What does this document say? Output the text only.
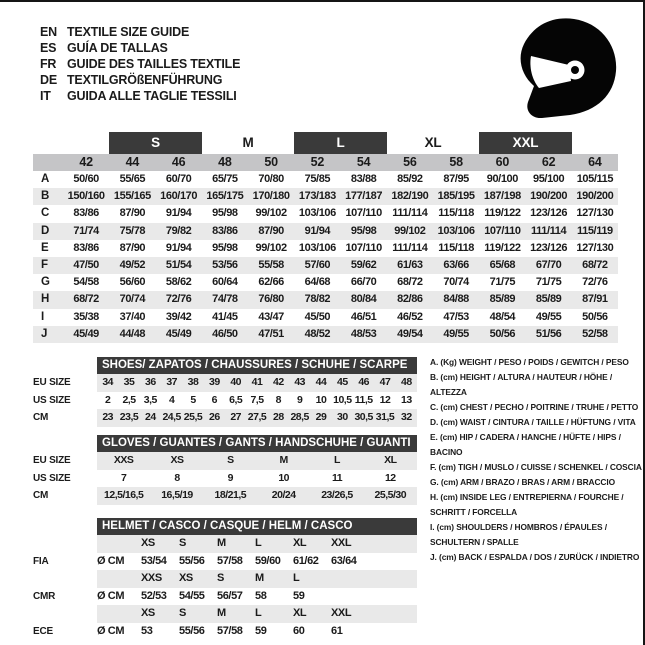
EN TEXTILE SIZE GUIDE
ES GUÍA DE TALLAS
FR GUIDE DES TAILLES TEXTILE
DE TEXTILGRÖßENFÜHRUNG
IT	GUIDA ALLE TAGLIE TESSILI
S	M	L	XL	XXL
42	44	46	48	50	52	54	56	58	60	62	64
A	50/60	55/65	60/70	65/75	70/80	75/85	83/88	85/92	87/95	90/100	95/100	105/115
B	150/160 155/165 160/170 165/175 170/180 173/183 177/187 182/190 185/195 187/198 190/200 190/200
C	83/86	87/90	91/94	95/98	99/102	103/106 107/110 111/114 115/118 119/122 123/126 127/130
D	71/74	75/78	79/82	83/86	87/90	91/94	95/98	99/102	103/106 107/110 111/114 115/119
E	83/86	87/90	91/94	95/98	99/102	103/106 107/110 111/114 115/118 119/122 123/126 127/130
F	47/50	49/52	51/54	53/56	55/58	57/60	59/62	61/63	63/66	65/68	67/70	68/72
G	54/58	56/60	58/62	60/64	62/66	64/68	66/70	68/72	70/74	71/75	71/75	72/76
H	68/72	70/74	72/76	74/78	76/80	78/82	80/84	82/86	84/88	85/89	85/89	87/91
I	35/38	37/40	39/42	41/45	43/47	45/50	46/51	46/52	47/53	48/54	49/55	50/56
J	45/49	44/48	45/49	46/50	47/51	48/52	48/53	49/54	49/55	50/56	51/56	52/58
SHOES/ ZAPATOS / CHAUSSURES / SCHUHE / SCARPE
EU SIZE	34	35	36	37	38	39	40	41	42	43	44	45	46	47	48
US SIZE	2	2,5 3,5	4	5	6	6,5 7,5	8	9	10 10,5 11,5 12	13
CM	23 23,5 24 24,5 25,5 26	27 27,5 28 28,5 29	30 30,5 31,5 32
GLOVES / GUANTES / GANTS / HANDSCHUHE / GUANTI
EU SIZE	XXS	XS	S	M	L	XL
US SIZE	7	8	9	10	11	12
CM	12,5/16,5	16,5/19	18/21,5	20/24	23/26,5	25,5/30
HELMET / CASCO / CASQUE / HELM / CASCO
XS	S	M	L	XL	XXL
FIA	Ø CM	53/54	55/56	57/58	59/60	61/62	63/64
XXS	XS	S	M	L
CMR	Ø CM	52/53	54/55	56/57	58	59
XS	S	M	L	XL	XXL
ECE	Ø CM	53	55/56	57/58	59	60	61
A. (Kg) WEIGHT / PESO / POIDS / GEWITCH / PESO
B. (cm) HEIGHT / ALTURA / HAUTEUR / HÖHE / ALTEZZA
C. (cm) CHEST / PECHO / POITRINE / TRUHE / PETTO
D. (cm) WAIST / CINTURA / TAILLE / HÜFTUNG / VITA
E. (cm) HIP / CADERA / HANCHE / HÜFTE / HIPS / BACINO
F. (cm) TIGH / MUSLO / CUISSE / SCHENKEL / COSCIA
G. (cm) ARM / BRAZO / BRAS / ARM / BRACCIO
H. (cm) INSIDE LEG / ENTREPIERNA / FOURCHE / SCHRITT / FORCELLA
I. (cm) SHOULDERS / HOMBROS / ÉPAULES / SCHULTERN / SPALLE
J. (cm) BACK / ESPALDA / DOS / ZURÜCK / INDIETRO
